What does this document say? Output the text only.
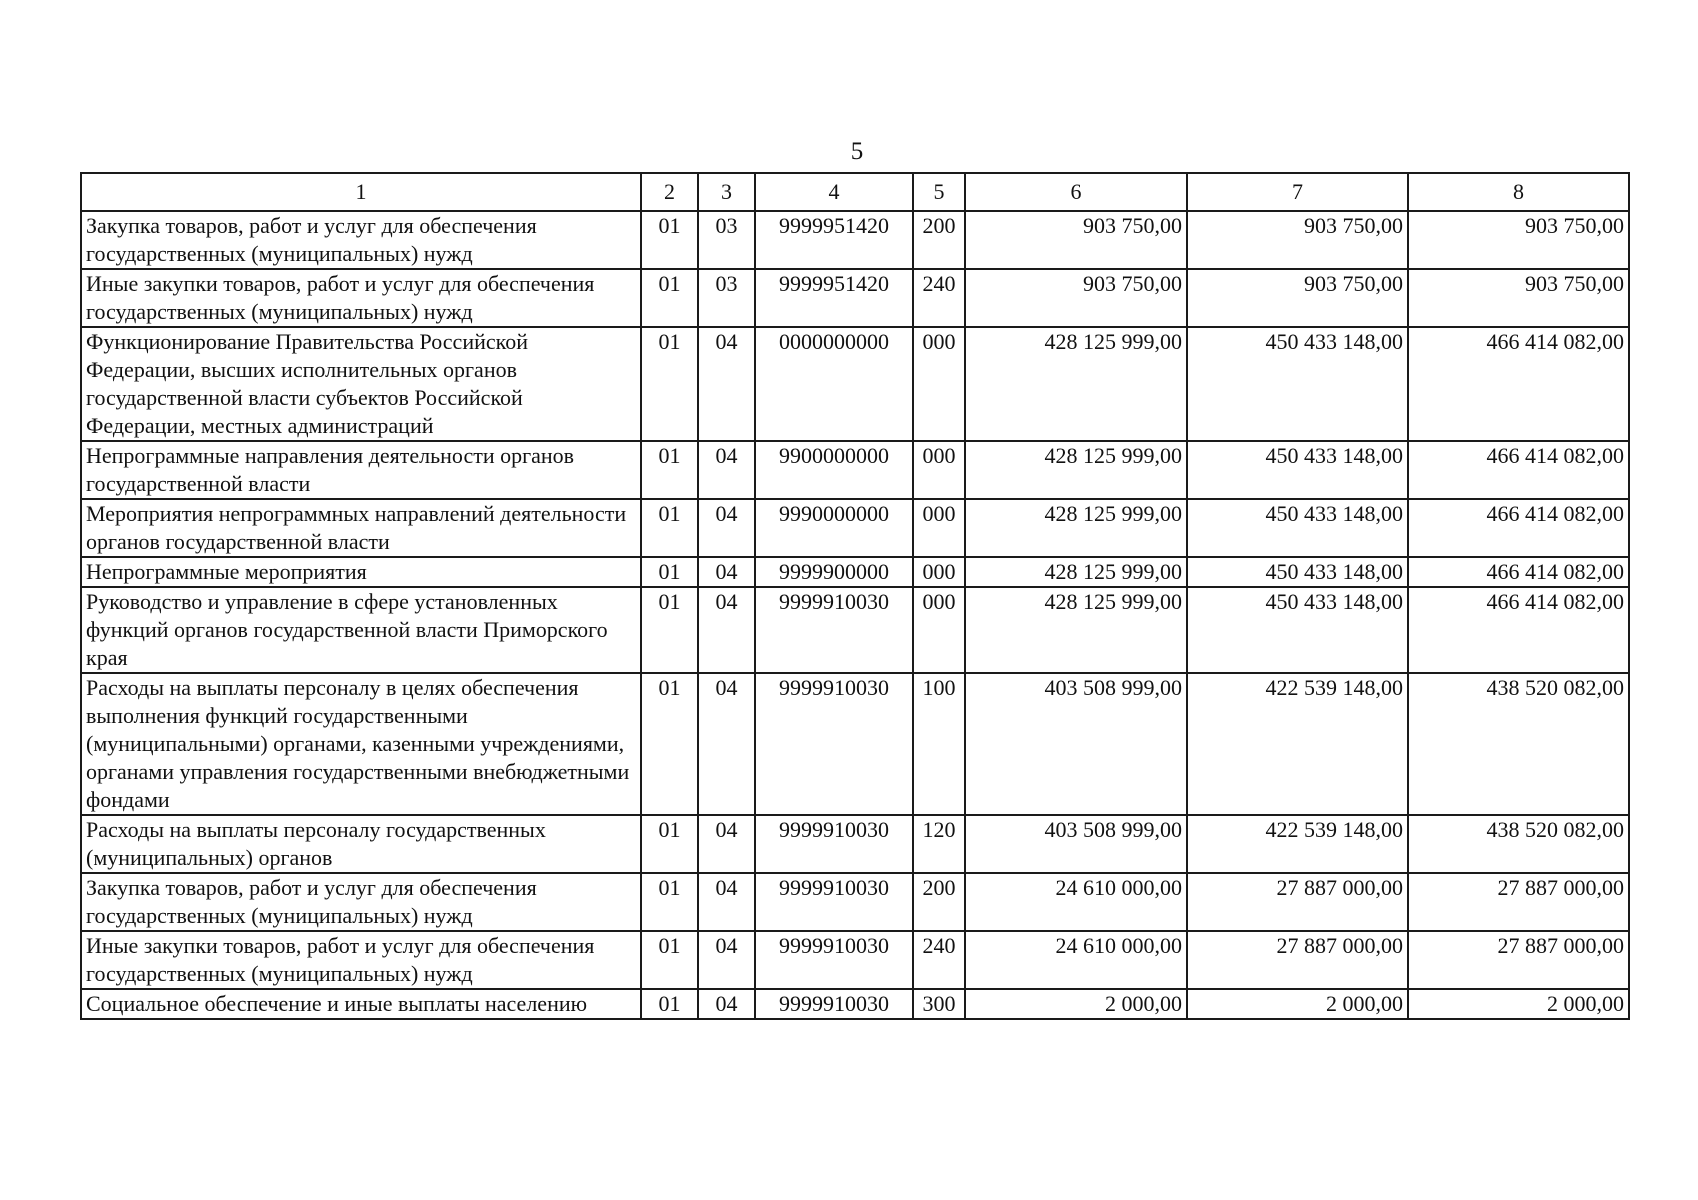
5
1	2	3	4	5	6	7	8
Закупка товаров, работ и услуг для обеспечения государственных (муниципальных) нужд	01	03	9999951420	200	903 750,00	903 750,00	903 750,00
Иные закупки товаров, работ и услуг для обеспечения государственных (муниципальных) нужд	01	03	9999951420	240	903 750,00	903 750,00	903 750,00
Функционирование Правительства Российской Федерации, высших исполнительных органов государственной власти субъектов Российской Федерации, местных администраций	01	04	0000000000	000	428 125 999,00	450 433 148,00	466 414 082,00
Непрограммные направления деятельности органов государственной власти	01	04	9900000000	000	428 125 999,00	450 433 148,00	466 414 082,00
Мероприятия непрограммных направлений деятельности органов государственной власти	01	04	9990000000	000	428 125 999,00	450 433 148,00	466 414 082,00
Непрограммные мероприятия	01	04	9999900000	000	428 125 999,00	450 433 148,00	466 414 082,00
Руководство и управление в сфере установленных функций органов государственной власти Приморского края	01	04	9999910030	000	428 125 999,00	450 433 148,00	466 414 082,00
Расходы на выплаты персоналу в целях обеспечения выполнения функций государственными (муниципальными) органами, казенными учреждениями, органами управления государственными внебюджетными фондами	01	04	9999910030	100	403 508 999,00	422 539 148,00	438 520 082,00
Расходы на выплаты персоналу государственных (муниципальных) органов	01	04	9999910030	120	403 508 999,00	422 539 148,00	438 520 082,00
Закупка товаров, работ и услуг для обеспечения государственных (муниципальных) нужд	01	04	9999910030	200	24 610 000,00	27 887 000,00	27 887 000,00
Иные закупки товаров, работ и услуг для обеспечения государственных (муниципальных) нужд	01	04	9999910030	240	24 610 000,00	27 887 000,00	27 887 000,00
Социальное обеспечение и иные выплаты населению	01	04	9999910030	300	2 000,00	2 000,00	2 000,00
